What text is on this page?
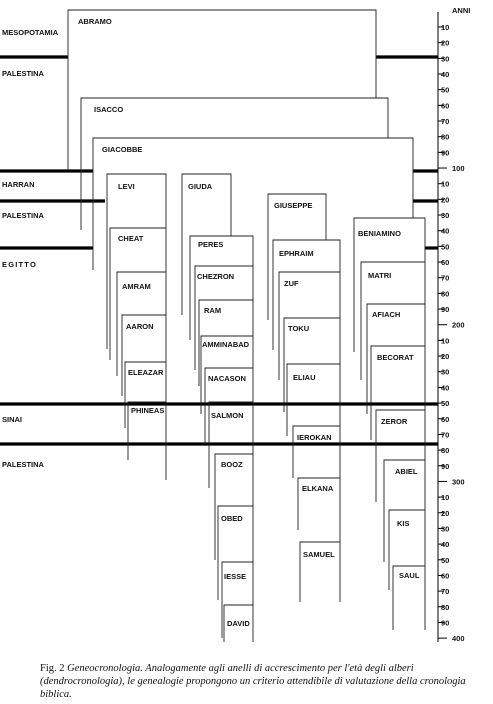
MESOPOTAMIA
PALESTINA
HARRAN
PALESTINA
EGITTO
SINAI
PALESTINA
ABRAMO
ISACCO
GIACOBBE
LEVI
CHEAT
AMRAM
AARON
ELEAZAR
PHINEAS
GIUDA
PERES
CHEZRON
RAM
AMMINABAD
NACASON
SALMON
BOOZ
OBED
IESSE
DAVID
GIUSEPPE
EPHRAIM
ZUF
TOKU
ELIAU
IEROKAN
ELKANA
SAMUEL
BENIAMINO
MATRI
AFIACH
BECORAT
ZEROR
ABIEL
KIS
SAUL
ANNI
10
20
30
40
50
60
70
80
90
100
10
20
30
40
50
60
70
80
90
200
10
20
30
40
50
60
70
80
90
300
10
20
30
40
50
60
70
80
90
400
Fig. 2 Geneocronologia. Analogamente agli anelli di accrescimento per l'età degli alberi (dendrocronologia), le genealogie propongono un criterio attendibile di valutazione della cronologia biblica.
